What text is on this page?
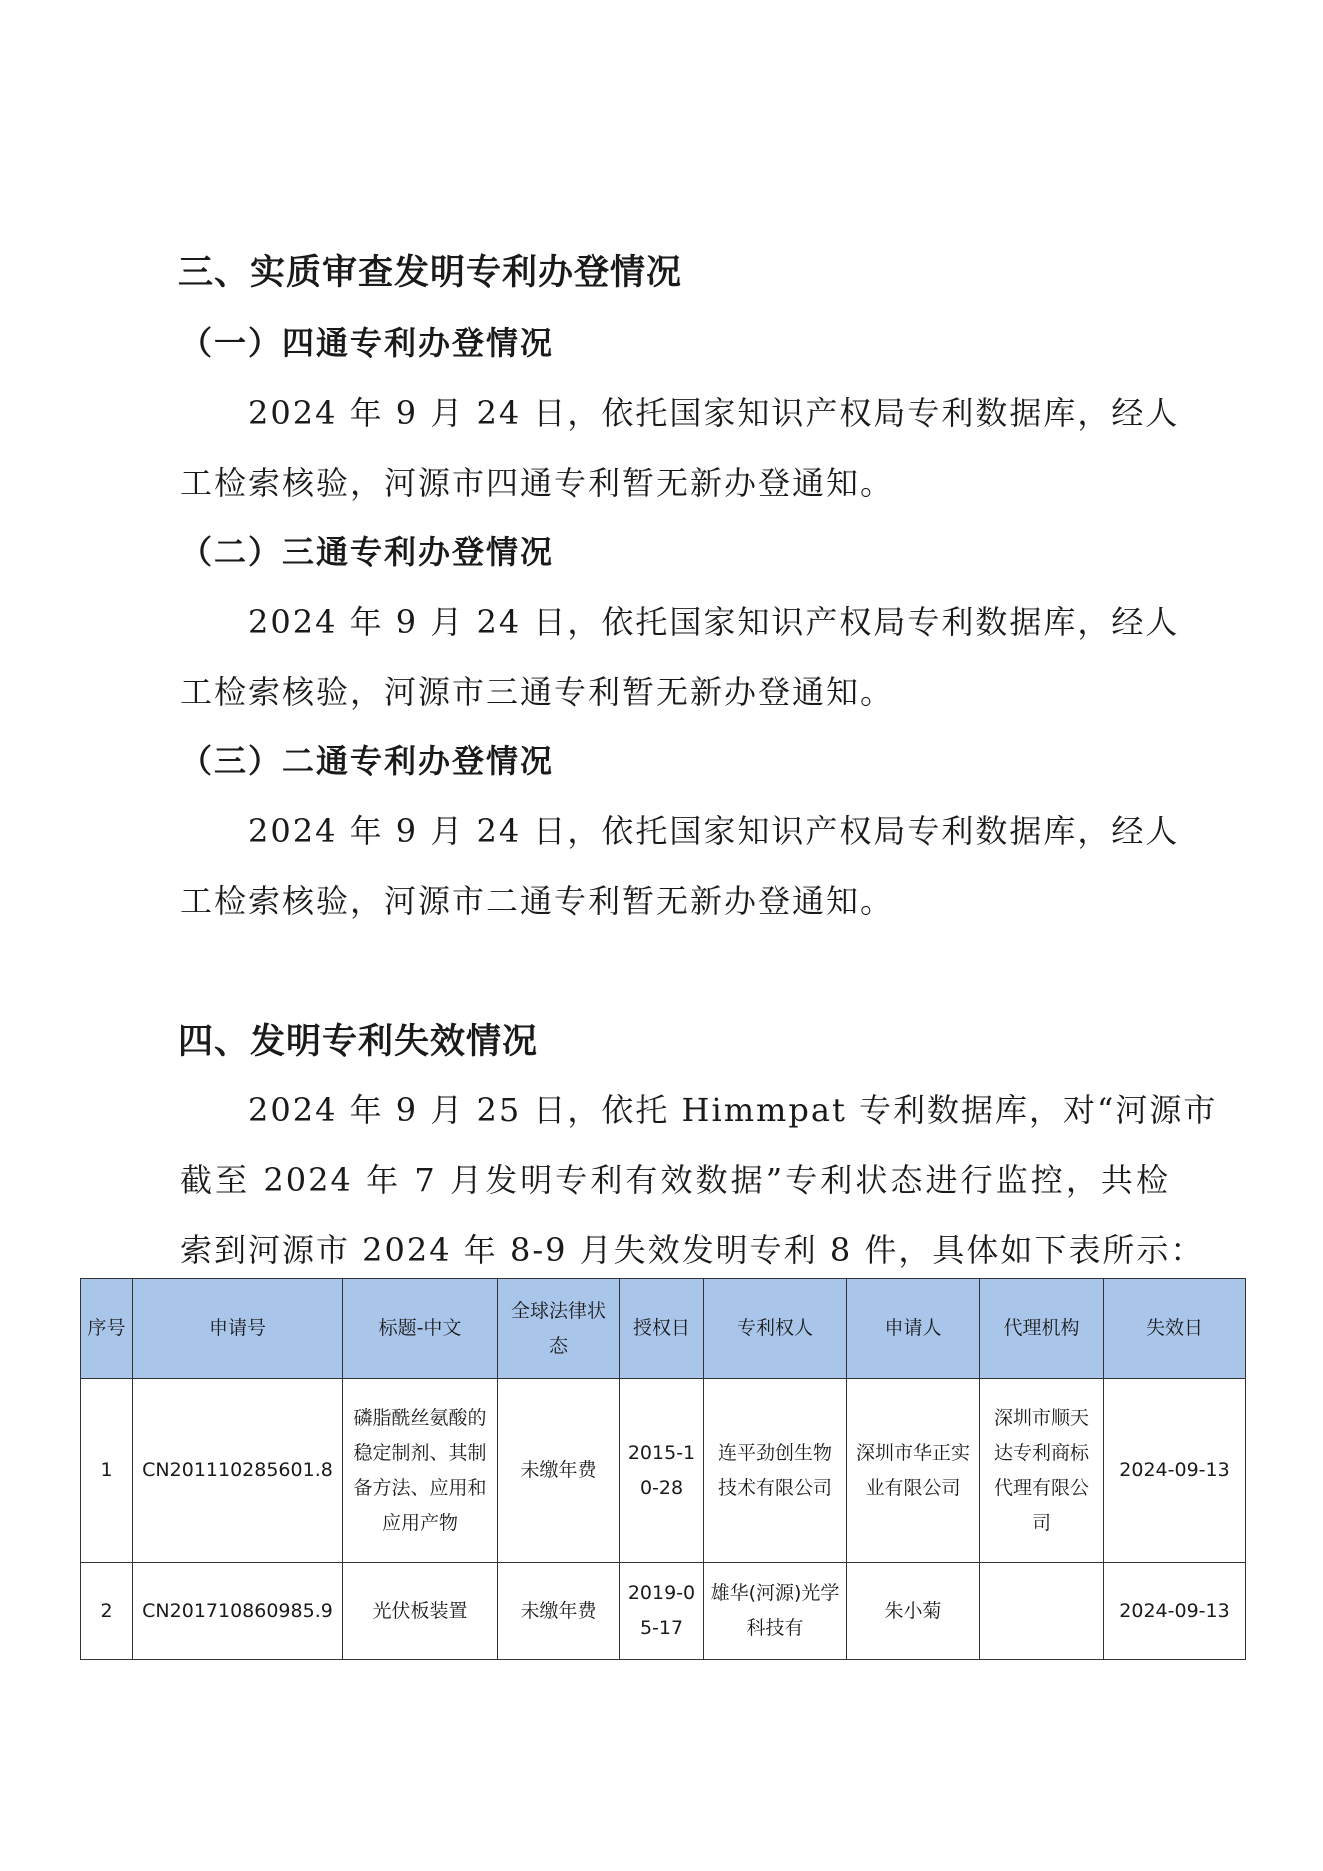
三、实质审查发明专利办登情况
（一）四通专利办登情况

2024 年 9 月 24 日，依托国家知识产权局专利数据库，经人
工检索核验，河源市四通专利暂无新办登通知。

（二）三通专利办登情况

2024 年 9 月 24 日，依托国家知识产权局专利数据库，经人
工检索核验，河源市三通专利暂无新办登通知。

（三）二通专利办登情况

2024 年 9 月 24 日，依托国家知识产权局专利数据库，经人
工检索核验，河源市二通专利暂无新办登通知。

四、发明专利失效情况

2024 年 9 月 25 日，依托 Himmpat 专利数据库，对“河源市
截至 2024 年 7 月发明专利有效数据”专利状态进行监控，共检
索到河源市 2024 年 8-9 月失效发明专利 8 件，具体如下表所示：

序号	申请号	标题-中文	全球法律状态	授权日	专利权人	申请人	代理机构	失效日
1	CN201110285601.8	磷脂酰丝氨酸的稳定制剂、其制备方法、应用和应用产物	未缴年费	2015-10-28	连平劲创生物技术有限公司	深圳市华正实业有限公司	深圳市顺天达专利商标代理有限公司	2024-09-13
2	CN201710860985.9	光伏板装置	未缴年费	2019-05-17	雄华(河源)光学科技有	朱小菊		2024-09-13
